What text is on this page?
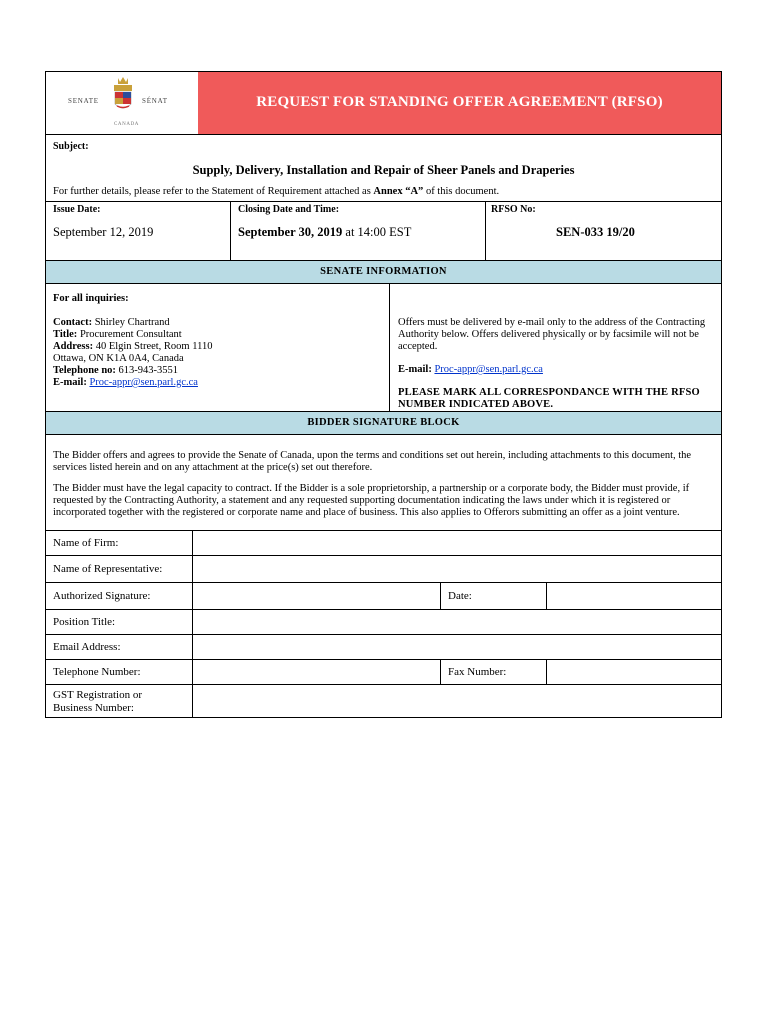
SENATE	SÉNAT
CANADA
REQUEST FOR STANDING OFFER AGREEMENT (RFSO)
Subject:
Supply, Delivery, Installation and Repair of Sheer Panels and Draperies
For further details, please refer to the Statement of Requirement attached as Annex “A” of this document.
Issue Date:
September 12, 2019
Closing Date and Time:
September 30, 2019 at 14:00 EST
RFSO No:
SEN-033 19/20
SENATE INFORMATION
For all inquiries:
Contact: Shirley Chartrand
Title: Procurement Consultant
Address: 40 Elgin Street, Room 1110
Ottawa, ON K1A 0A4, Canada
Telephone no: 613-943-3551
E-mail: Proc-appr@sen.parl.gc.ca
Offers must be delivered by e-mail only to the address of the Contracting Authority below. Offers delivered physically or by facsimile will not be accepted.
E-mail: Proc-appr@sen.parl.gc.ca
PLEASE MARK ALL CORRESPONDANCE WITH THE RFSO NUMBER INDICATED ABOVE.
BIDDER SIGNATURE BLOCK
The Bidder offers and agrees to provide the Senate of Canada, upon the terms and conditions set out herein, including attachments to this document, the services listed herein and on any attachment at the price(s) set out therefore.
The Bidder must have the legal capacity to contract. If the Bidder is a sole proprietorship, a partnership or a corporate body, the Bidder must provide, if requested by the Contracting Authority, a statement and any requested supporting documentation indicating the laws under which it is registered or incorporated together with the registered or corporate name and place of business. This also applies to Offerors submitting an offer as a joint venture.
Name of Firm:
Name of Representative:
Authorized Signature:	Date:
Position Title:
Email Address:
Telephone Number:	Fax Number:
GST Registration or
Business Number:
